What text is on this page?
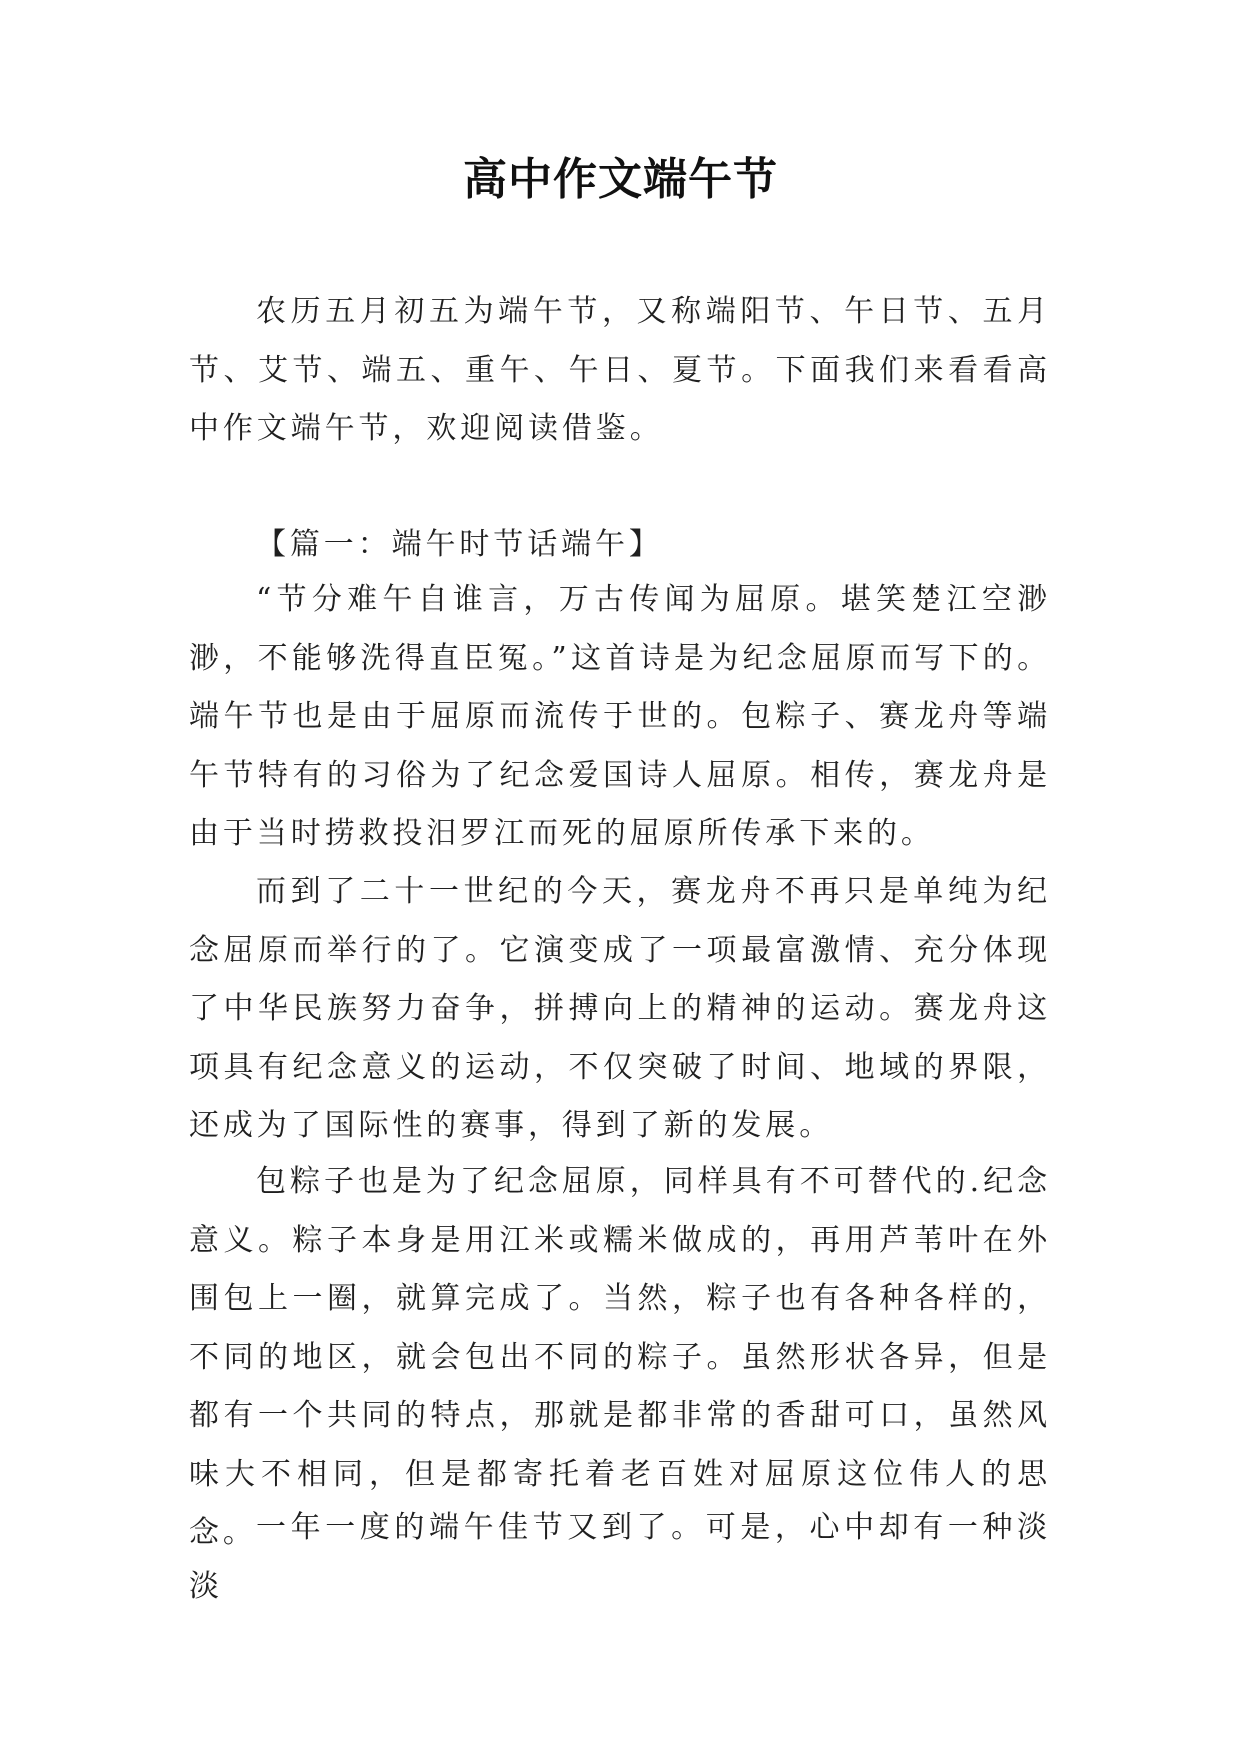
高中作文端午节

农历五月初五为端午节，又称端阳节、午日节、五月节、艾节、端五、重午、午日、夏节。下面我们来看看高中作文端午节，欢迎阅读借鉴。

【篇一：端午时节话端午】

“节分难午自谁言，万古传闻为屈原。堪笑楚江空渺渺，不能够洗得直臣冤。”这首诗是为纪念屈原而写下的。端午节也是由于屈原而流传于世的。包粽子、赛龙舟等端午节特有的习俗为了纪念爱国诗人屈原。相传，赛龙舟是由于当时捞救投汨罗江而死的屈原所传承下来的。

而到了二十一世纪的今天，赛龙舟不再只是单纯为纪念屈原而举行的了。它演变成了一项最富激情、充分体现了中华民族努力奋争，拼搏向上的精神的运动。赛龙舟这项具有纪念意义的运动，不仅突破了时间、地域的界限，还成为了国际性的赛事，得到了新的发展。

包粽子也是为了纪念屈原，同样具有不可替代的.纪念意义。粽子本身是用江米或糯米做成的，再用芦苇叶在外围包上一圈，就算完成了。当然，粽子也有各种各样的，不同的地区，就会包出不同的粽子。虽然形状各异，但是都有一个共同的特点，那就是都非常的香甜可口，虽然风味大不相同，但是都寄托着老百姓对屈原这位伟人的思念。 一年一度的端午佳节又到了。可是，心中却有一种淡淡
